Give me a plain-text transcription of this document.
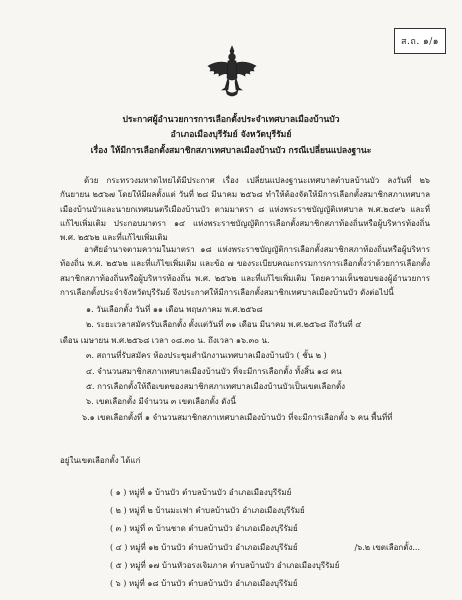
ส.ถ. ๑/๑
ประกาศผู้อำนวยการการเลือกตั้งประจำเทศบาลเมืองบ้านบัว
อำเภอเมืองบุรีรัมย์ จังหวัดบุรีรัมย์
เรื่อง ให้มีการเลือกตั้งสมาชิกสภาเทศบาลเมืองบ้านบัว กรณีเปลี่ยนแปลงฐานะ
ด้วย กระทรวงมหาดไทยได้มีประกาศ เรื่อง เปลี่ยนแปลงฐานะเทศบาลตำบลบ้านบัว ลงวันที่ ๒๖ กันยายน ๒๕๖๗ โดยให้มีผลตั้งแต่ วันที่ ๒๘ มีนาคม ๒๕๖๘ ทำให้ต้องจัดให้มีการเลือกตั้งสมาชิกสภาเทศบาลเมืองบ้านบัวและนายกเทศมนตรีเมืองบ้านบัว ตามมาตรา ๘ แห่งพระราชบัญญัติเทศบาล พ.ศ.๒๔๙๖ และที่แก้ไขเพิ่มเติม ประกอบมาตรา ๑๔ แห่งพระราชบัญญัติการเลือกตั้งสมาชิกสภาท้องถิ่นหรือผู้บริหารท้องถิ่น พ.ศ. ๒๕๖๒ และที่แก้ไขเพิ่มเติม
อาศัยอำนาจตามความในมาตรา ๑๘ แห่งพระราชบัญญัติการเลือกตั้งสมาชิกสภาท้องถิ่นหรือผู้บริหารท้องถิ่น พ.ศ. ๒๕๖๒ และที่แก้ไขเพิ่มเติม และข้อ ๗ ของระเบียบคณะกรรมการการเลือกตั้งว่าด้วยการเลือกตั้งสมาชิกสภาท้องถิ่นหรือผู้บริหารท้องถิ่น พ.ศ. ๒๕๖๒ และที่แก้ไขเพิ่มเติม โดยความเห็นชอบของผู้อำนวยการการเลือกตั้งประจำจังหวัดบุรีรัมย์ จึงประกาศให้มีการเลือกตั้งสมาชิกเทศบาลเมืองบ้านบัว ดังต่อไปนี้
๑. วันเลือกตั้ง วันที่ ๑๑ เดือน พฤษภาคม พ.ศ.๒๕๖๘
๒. ระยะเวลาสมัครรับเลือกตั้ง ตั้งแต่วันที่ ๓๑ เดือน มีนาคม พ.ศ.๒๕๖๘ ถึงวันที่ ๔
เดือน เมษายน พ.ศ.๒๕๖๘ เวลา ๐๘.๓๐ น. ถึงเวลา ๑๖.๓๐ น.
๓. สถานที่รับสมัคร ห้องประชุมสำนักงานเทศบาลเมืองบ้านบัว ( ชั้น ๒ )
๔. จำนวนสมาชิกสภาเทศบาลเมืองบ้านบัว ที่จะมีการเลือกตั้ง ทั้งสิ้น ๑๘ คน
๕. การเลือกตั้งให้ถือเขตของสมาชิกสภาเทศบาลเมืองบ้านบัวเป็นเขตเลือกตั้ง
๖. เขตเลือกตั้ง มีจำนวน ๓ เขตเลือกตั้ง ดังนี้
๖.๑ เขตเลือกตั้งที่ ๑ จำนวนสมาชิกสภาเทศบาลเมืองบ้านบัว ที่จะมีการเลือกตั้ง ๖ คน พื้นที่ที่
อยู่ในเขตเลือกตั้ง ได้แก่
( ๑ ) หมู่ที่ ๑ บ้านบัว ตำบลบ้านบัว อำเภอเมืองบุรีรัมย์
( ๒ ) หมู่ที่ ๒ บ้านมะเฟา ตำบลบ้านบัว อำเภอเมืองบุรีรัมย์
( ๓ ) หมู่ที่ ๓ บ้านชาด ตำบลบ้านบัว อำเภอเมืองบุรีรัมย์
( ๔ ) หมู่ที่ ๑๒ บ้านบัว ตำบลบ้านบัว อำเภอเมืองบุรีรัมย์
( ๕ ) หมู่ที่ ๑๗ บ้านหัวอรงเจิมภาค ตำบลบ้านบัว อำเภอเมืองบุรีรัมย์
( ๖ ) หมู่ที่ ๑๘ บ้านบัว ตำบลบ้านบัว อำเภอเมืองบุรีรัมย์
/๖.๒ เขตเลือกตั้ง...
